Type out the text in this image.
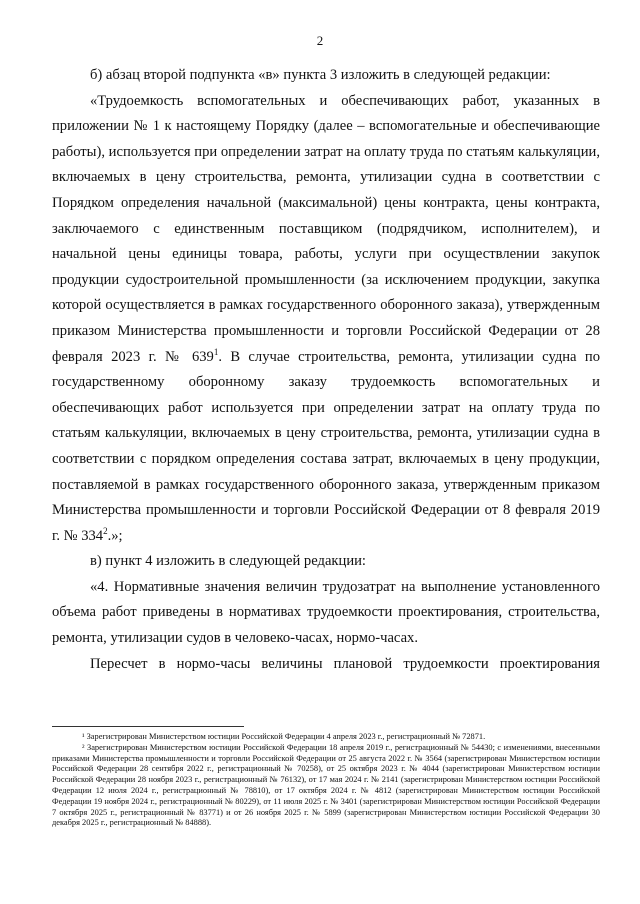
2

б) абзац второй подпункта «в» пункта 3 изложить в следующей редакции:

«Трудоемкость вспомогательных и обеспечивающих работ, указанных в приложении № 1 к настоящему Порядку (далее – вспомогательные и обеспечивающие работы), используется при определении затрат на оплату труда по статьям калькуляции, включаемых в цену строительства, ремонта, утилизации судна в соответствии с Порядком определения начальной (максимальной) цены контракта, цены контракта, заключаемого с единственным поставщиком (подрядчиком, исполнителем), и начальной цены единицы товара, работы, услуги при осуществлении закупок продукции судостроительной промышленности (за исключением продукции, закупка которой осуществляется в рамках государственного оборонного заказа), утвержденным приказом Министерства промышленности и торговли Российской Федерации от 28 февраля 2023 г. № $639^1$. В случае строительства, ремонта, утилизации судна по государственному оборонному заказу трудоемкость вспомогательных и обеспечивающих работ используется при определении затрат на оплату труда по статьям калькуляции, включаемых в цену строительства, ремонта, утилизации судна в соответствии с порядком определения состава затрат, включаемых в цену продукции, поставляемой в рамках государственного оборонного заказа, утвержденным приказом Министерства промышленности и торговли Российской Федерации от 8 февраля 2019 г. № $334^2$.»;

в) пункт 4 изложить в следующей редакции:

«4. Нормативные значения величин трудозатрат на выполнение установленного объема работ приведены в нормативах трудоемкости проектирования, строительства, ремонта, утилизации судов в человеко-часах, нормо-часах.

Пересчет в нормо-часы величины плановой трудоемкости проектирования

¹ Зарегистрирован Министерством юстиции Российской Федерации 4 апреля 2023 г., регистрационный № 72871.

² Зарегистрирован Министерством юстиции Российской Федерации 18 апреля 2019 г., регистрационный № 54430; с изменениями, внесенными приказами Министерства промышленности и торговли Российской Федерации от 25 августа 2022 г. № 3564 (зарегистрирован Министерством юстиции Российской Федерации 28 сентября 2022 г., регистрационный № 70258), от 25 октября 2023 г. № 4044 (зарегистрирован Министерством юстиции Российской Федерации 28 ноября 2023 г., регистрационный № 76132), от 17 мая 2024 г. № 2141 (зарегистрирован Министерством юстиции Российской Федерации 12 июля 2024 г., регистрационный № 78810), от 17 октября 2024 г. № 4812 (зарегистрирован Министерством юстиции Российской Федерации 19 ноября 2024 г., регистрационный № 80229), от 11 июля 2025 г. № 3401 (зарегистрирован Министерством юстиции Российской Федерации 7 октября 2025 г., регистрационный № 83771) и от 26 ноября 2025 г. № 5899 (зарегистрирован Министерством юстиции Российской Федерации 30 декабря 2025 г., регистрационный № 84888).
